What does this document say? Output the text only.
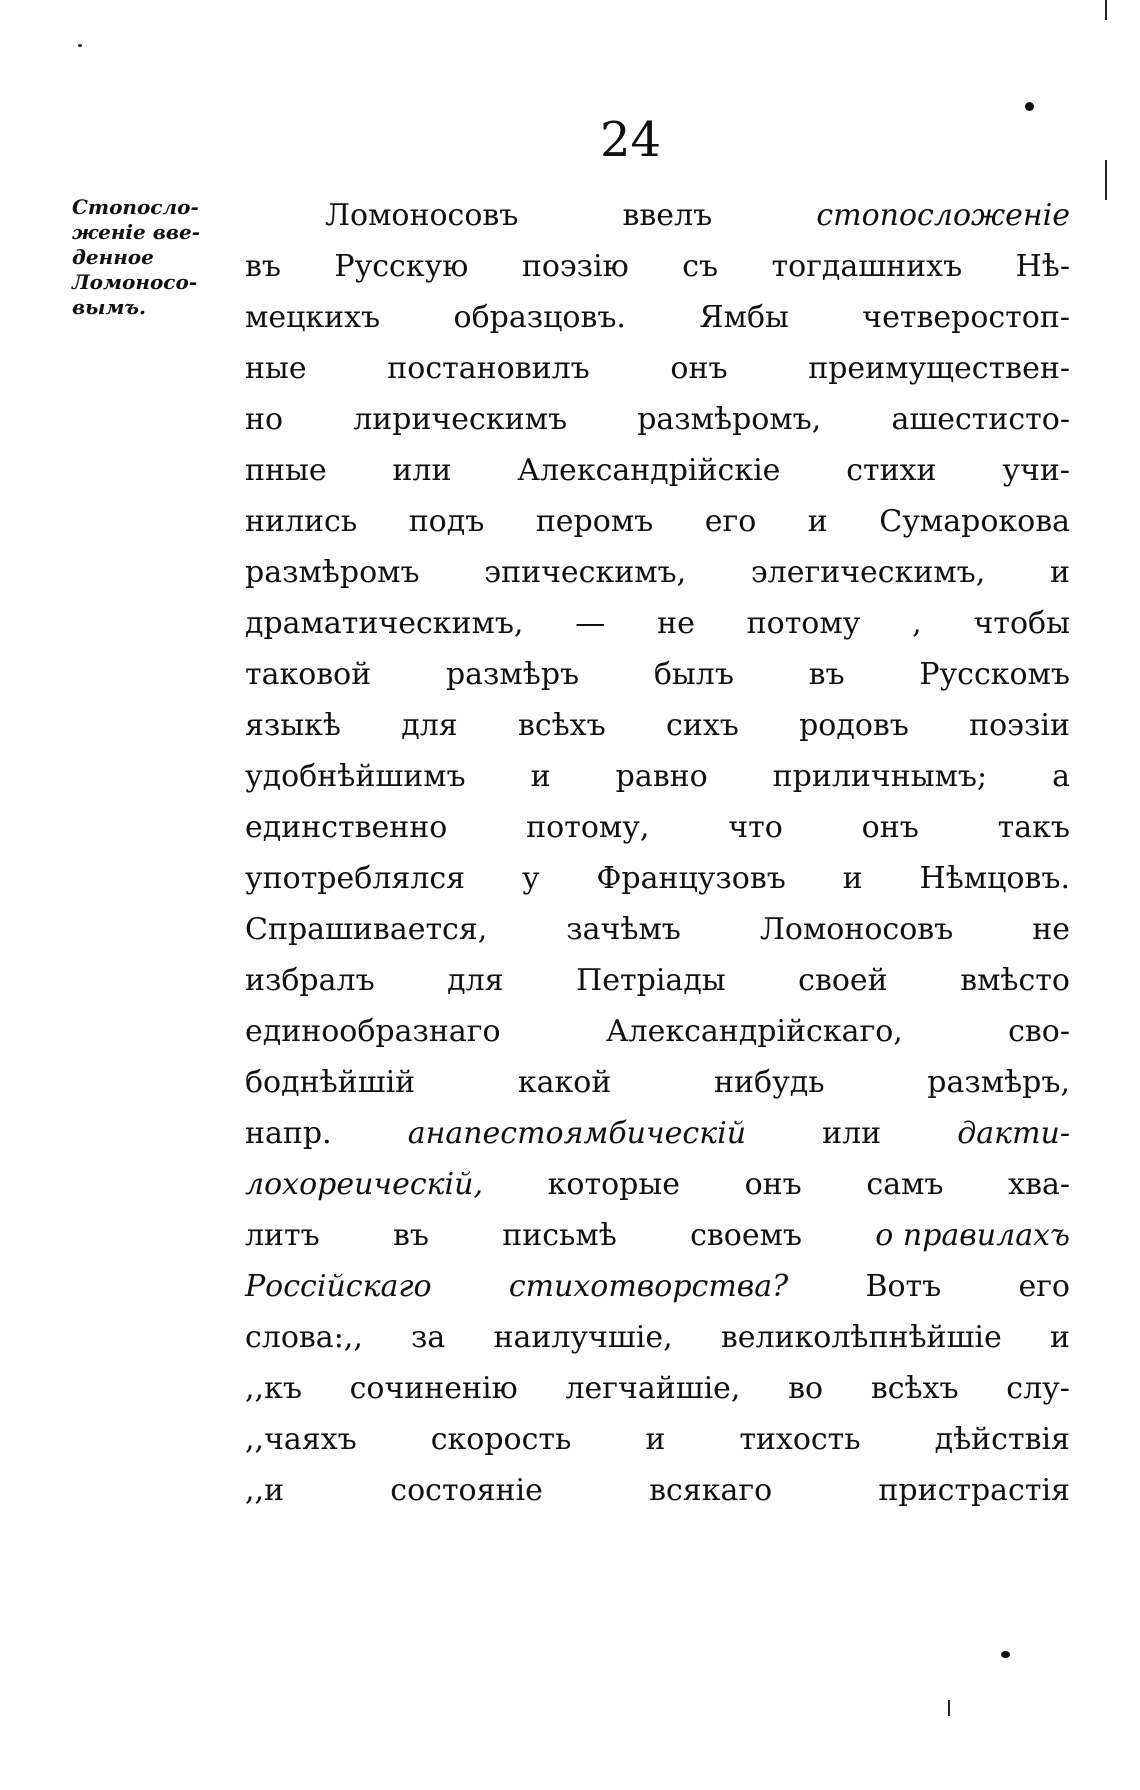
24
Стопосло-
женіе вве-
денное
Ломоносо-
вымъ.
Ломоносовъ	ввелъ	стопосложеніе
въ Русскую поэзію съ тогдашнихъ Нѣ-
мецкихъ образцовъ. Ямбы четверостоп-
ные	постановилъ	онъ	преимуществен-
но лирическимъ размѣромъ, ашестисто-
пные или Александрійскіе стихи учи-
нились подъ перомъ его и Сумарокова
размѣромъ эпическимъ, элегическимъ, и
драматическимъ, — не потому , чтобы
таковой размѣръ былъ въ Русскомъ
языкѣ для всѣхъ сихъ родовъ поэзіи
удобнѣйшимъ и равно приличнымъ; а
единственно	потому,	что	онъ	такъ
употреблялся у Французовъ и Нѣмцовъ.
Спрашивается,	зачѣмъ	Ломоносовъ	не
избралъ для Петріады своей вмѣсто
единообразнаго	Александрійскаго,	сво-
боднѣйшій	какой	нибудь	размѣръ,
напр.	анапестоямбическій	или	дакти-
лохореическій, которые онъ самъ хва-
литъ въ письмѣ своемъ о правилахъ
Россійскаго	стихотворства?	Вотъ	его
слова:,, за наилучшіе, великолѣпнѣйшіе и
,,къ сочиненію легчайшіе, во всѣхъ слу-
,,чаяхъ скорость и тихость дѣйствія
,,и	состояніе	всякаго	пристрастія
